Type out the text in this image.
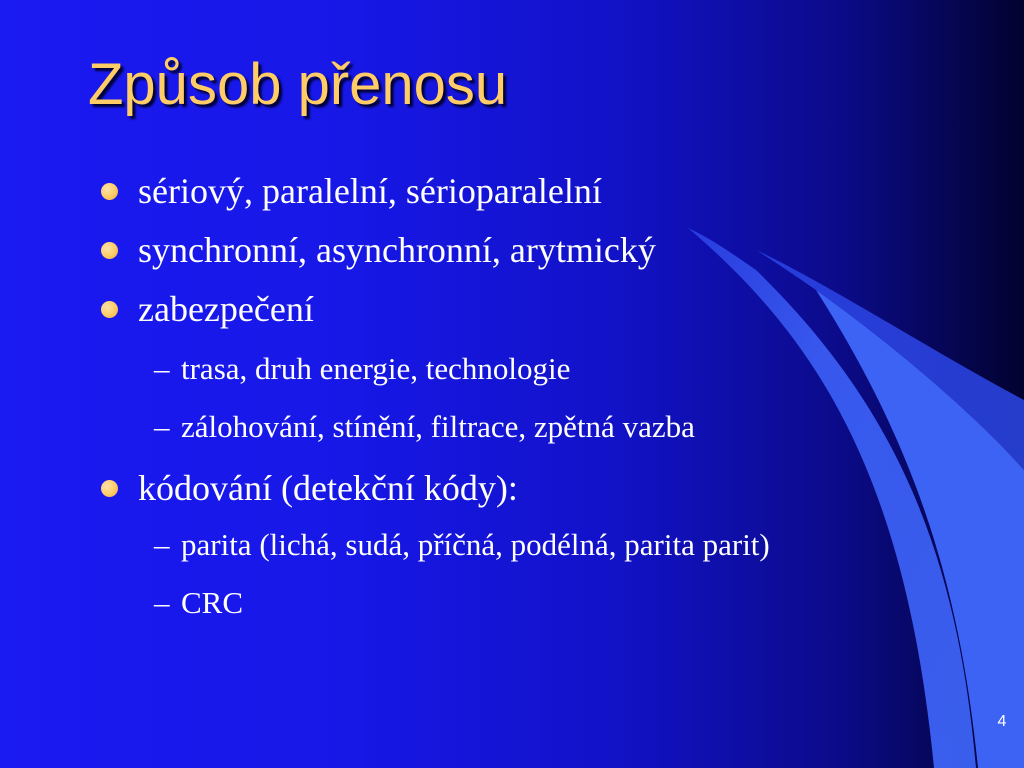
Způsob přenosu
sériový, paralelní, sérioparalelní
synchronní, asynchronní, arytmický
zabezpečení
– trasa, druh energie, technologie
– zálohování, stínění, filtrace, zpětná vazba
kódování (detekční kódy):
– parita (lichá, sudá, příčná, podélná, parita parit)
– CRC
4
